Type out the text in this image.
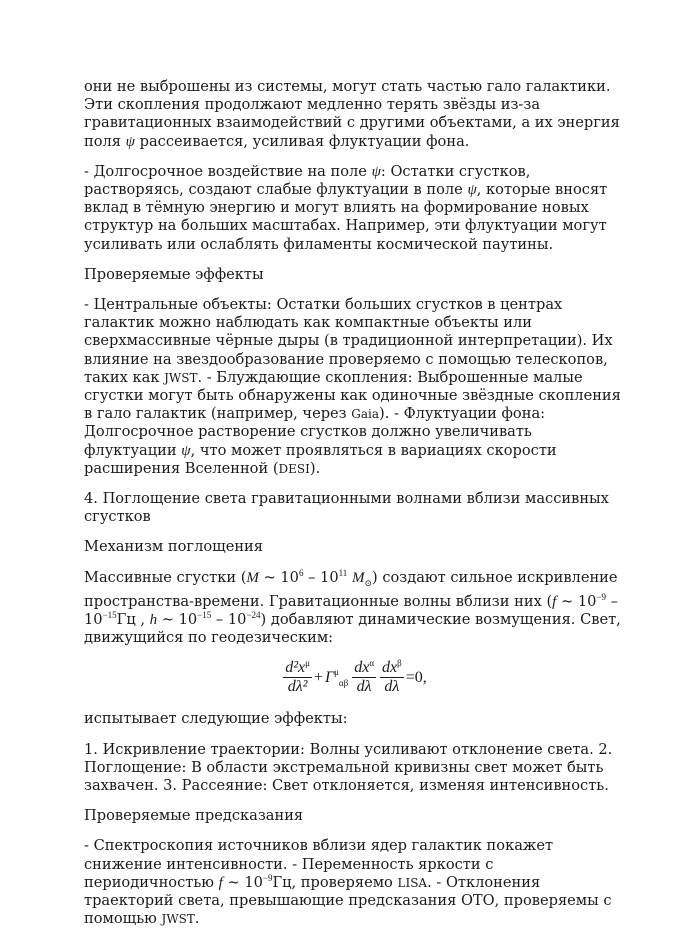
они не выброшены из системы, могут стать частью гало галактики. Эти скопления продолжают медленно терять звёзды из-за гравитационных взаимодействий с другими объектами, а их энергия поля ψ рассеивается, усиливая флуктуации фона.

- Долгосрочное воздействие на поле ψ: Остатки сгустков, растворяясь, создают слабые флуктуации в поле ψ, которые вносят вклад в тёмную энергию и могут влиять на формирование новых структур на больших масштабах. Например, эти флуктуации могут усиливать или ослаблять филаменты космической паутины.

Проверяемые эффекты

- Центральные объекты: Остатки больших сгустков в центрах галактик можно наблюдать как компактные объекты или сверхмассивные чёрные дыры (в традиционной интерпретации). Их влияние на звездообразование проверяемо с помощью телескопов, таких как JWST. - Блуждающие скопления: Выброшенные малые сгустки могут быть обнаружены как одиночные звёздные скопления в гало галактик (например, через Gaia). - Флуктуации фона: Долгосрочное растворение сгустков должно увеличивать флуктуации ψ, что может проявляться в вариациях скорости расширения Вселенной (DESI).

4. Поглощение света гравитационными волнами вблизи массивных сгустков

Механизм поглощения

Массивные сгустки (M ~ $10^6 - 10^{11}$ $M_⊙$) создают сильное искривление пространства-времени. Гравитационные волны вблизи них (f ~ $10^{-9} - 10^{-15}Гц$ , h ~ $10^{-15} - 10^{-24}$) добавляют динамические возмущения. Свет, движущийся по геодезическим:

$\frac{d^2x^\mu}{\text{dλ²}} + \Gamma^\mu_{\alpha\beta} \frac{dx^\alpha}{d\lambda} \frac{dx^\beta}{d\lambda} =0$,

испытывает следующие эффекты:

1. Искривление траектории: Волны усиливают отклонение света. 2. Поглощение: В области экстремальной кривизны свет может быть захвачен. 3. Рассеяние: Свет отклоняется, изменяя интенсивность.

Проверяемые предсказания

- Спектроскопия источников вблизи ядер галактик покажет снижение интенсивности. - Переменность яркости с периодичностью f ~ $10^{-9}Гц$, проверяемо LISA. - Отклонения траекторий света, превышающие предсказания ОТО, проверяемы с помощью JWST.
